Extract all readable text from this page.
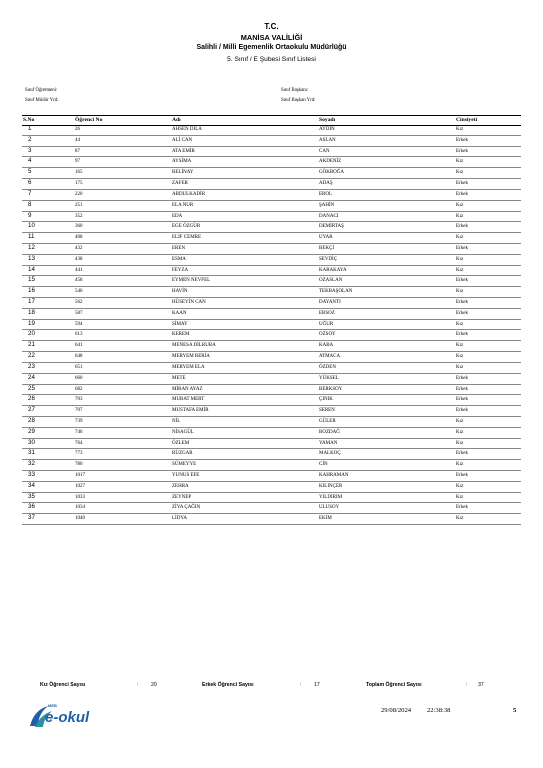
T.C.
MANİSA VALİLİĞİ
Salihli / Milli Egemenlik Ortaokulu Müdürlüğü
5. Sınıf / E Şubesi Sınıf Listesi
Sınıf Öğretmeni:
Sınıf Müdür Yrd:
Sınıf Başkanı:
Sınıf Başkan Yrd:
S.No	Öğrenci No	Adı	Soyadı	Cinsiyeti
1	26	AHSEN DİLA	AYDIN	Kız
2	44	ALİ CAN	ASLAN	Erkek
3	87	ATA EMİR	CAN	Erkek
4	97	AYSİMA	AKDENİZ	Kız
5	165	BELİNAY	GÖKBOĞA	Kız
6	175	ZAFER	ADAŞ	Erkek
7	220	ABDULKADİR	EROL	Erkek
8	251	ELA NUR	ŞAHİN	Kız
9	352	EDA	DANACI	Kız
10	360	EGE ÖZGÜR	DEMİRTAŞ	Erkek
11	408	ELİF CEMRE	UYAR	Kız
12	432	EREN	BEKÇİ	Erkek
13	438	ESMA	SEVDİÇ	Kız
14	441	FEYZA	KARAKAYA	Kız
15	458	EYMEN NEVFEL	OZASLAN	Erkek
16	546	HAVİN	TEKBAŞOLAN	Kız
17	562	HÜSEYİN CAN	DAYANTI	Erkek
18	587	KAAN	ERSOZ	Erkek
19	594	SİMAY	UĞUR	Kız
20	613	KEREM	OZSOY	Erkek
21	641	MENESA DİLRUBA	KABA	Kız
22	648	MERYEM BERİA	ATMACA	Kız
23	651	MERYEM ELA	ÖZDEN	Kız
24	660	METE	YÜKSEL	Erkek
25	682	MİRAN AYAZ	BERKSOY	Erkek
26	703	MURAT MERT	ÇINIK	Erkek
27	707	MUSTAFA EMİR	SEREN	Erkek
28	739	NİL	GÜLER	Kız
29	746	NİSAGÜL	BOZDAĞ	Kız
30	764	ÖZLEM	YAMAN	Kız
31	773	RÜZGAR	MALKOÇ	Erkek
32	780	SÜMEYYE	CİN	Kız
33	1017	YUNUS EFE	KAHRAMAN	Erkek
34	1027	ZEHRA	KILINÇER	Kız
35	1033	ZEYNEP	YILDIRIM	Kız
36	1034	ZİYA ÇAĞIN	ULUSOY	Erkek
37	1040	LİDYA	EKİM	Kız
Kız Öğrenci Sayısı	: 20	Erkek Öğrenci Sayısı	: 17	Toplam Öğrenci Sayısı	: 37
MEB
e-okul	29/08/2024 22:38:38	5
